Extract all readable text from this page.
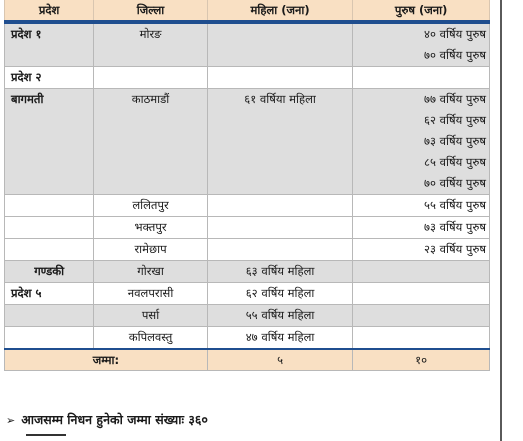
प्रदेश	जिल्ला	महिला (जना)	पुरुष (जना)

प्रदेश १	मोरङ		४० वर्षिय पुरुष
७० वर्षिय पुरुष

प्रदेश २			

बागमती	काठमाडौं	६१ वर्षिया महिला	७७ वर्षिय पुरुष
६२ वर्षिय पुरुष
७३ वर्षिय पुरुष
८५ वर्षिय पुरुष
७० वर्षिय पुरुष

	ललितपुर		५५ वर्षिय पुरुष

	भक्तपुर		७३ वर्षिय पुरुष

	रामेछाप		२३ वर्षिय पुरुष

गण्डकी	गोरखा	६३ वर्षिय महिला	

प्रदेश ५	नवलपरासी	६२ वर्षिय महिला	

	पर्सा	५५ वर्षिय महिला	

	कपिलवस्तु	४७ वर्षिय महिला	

जम्मा:		५	१०
➢ आजसम्म निधन हुनेको जम्मा संख्याः ३६०
